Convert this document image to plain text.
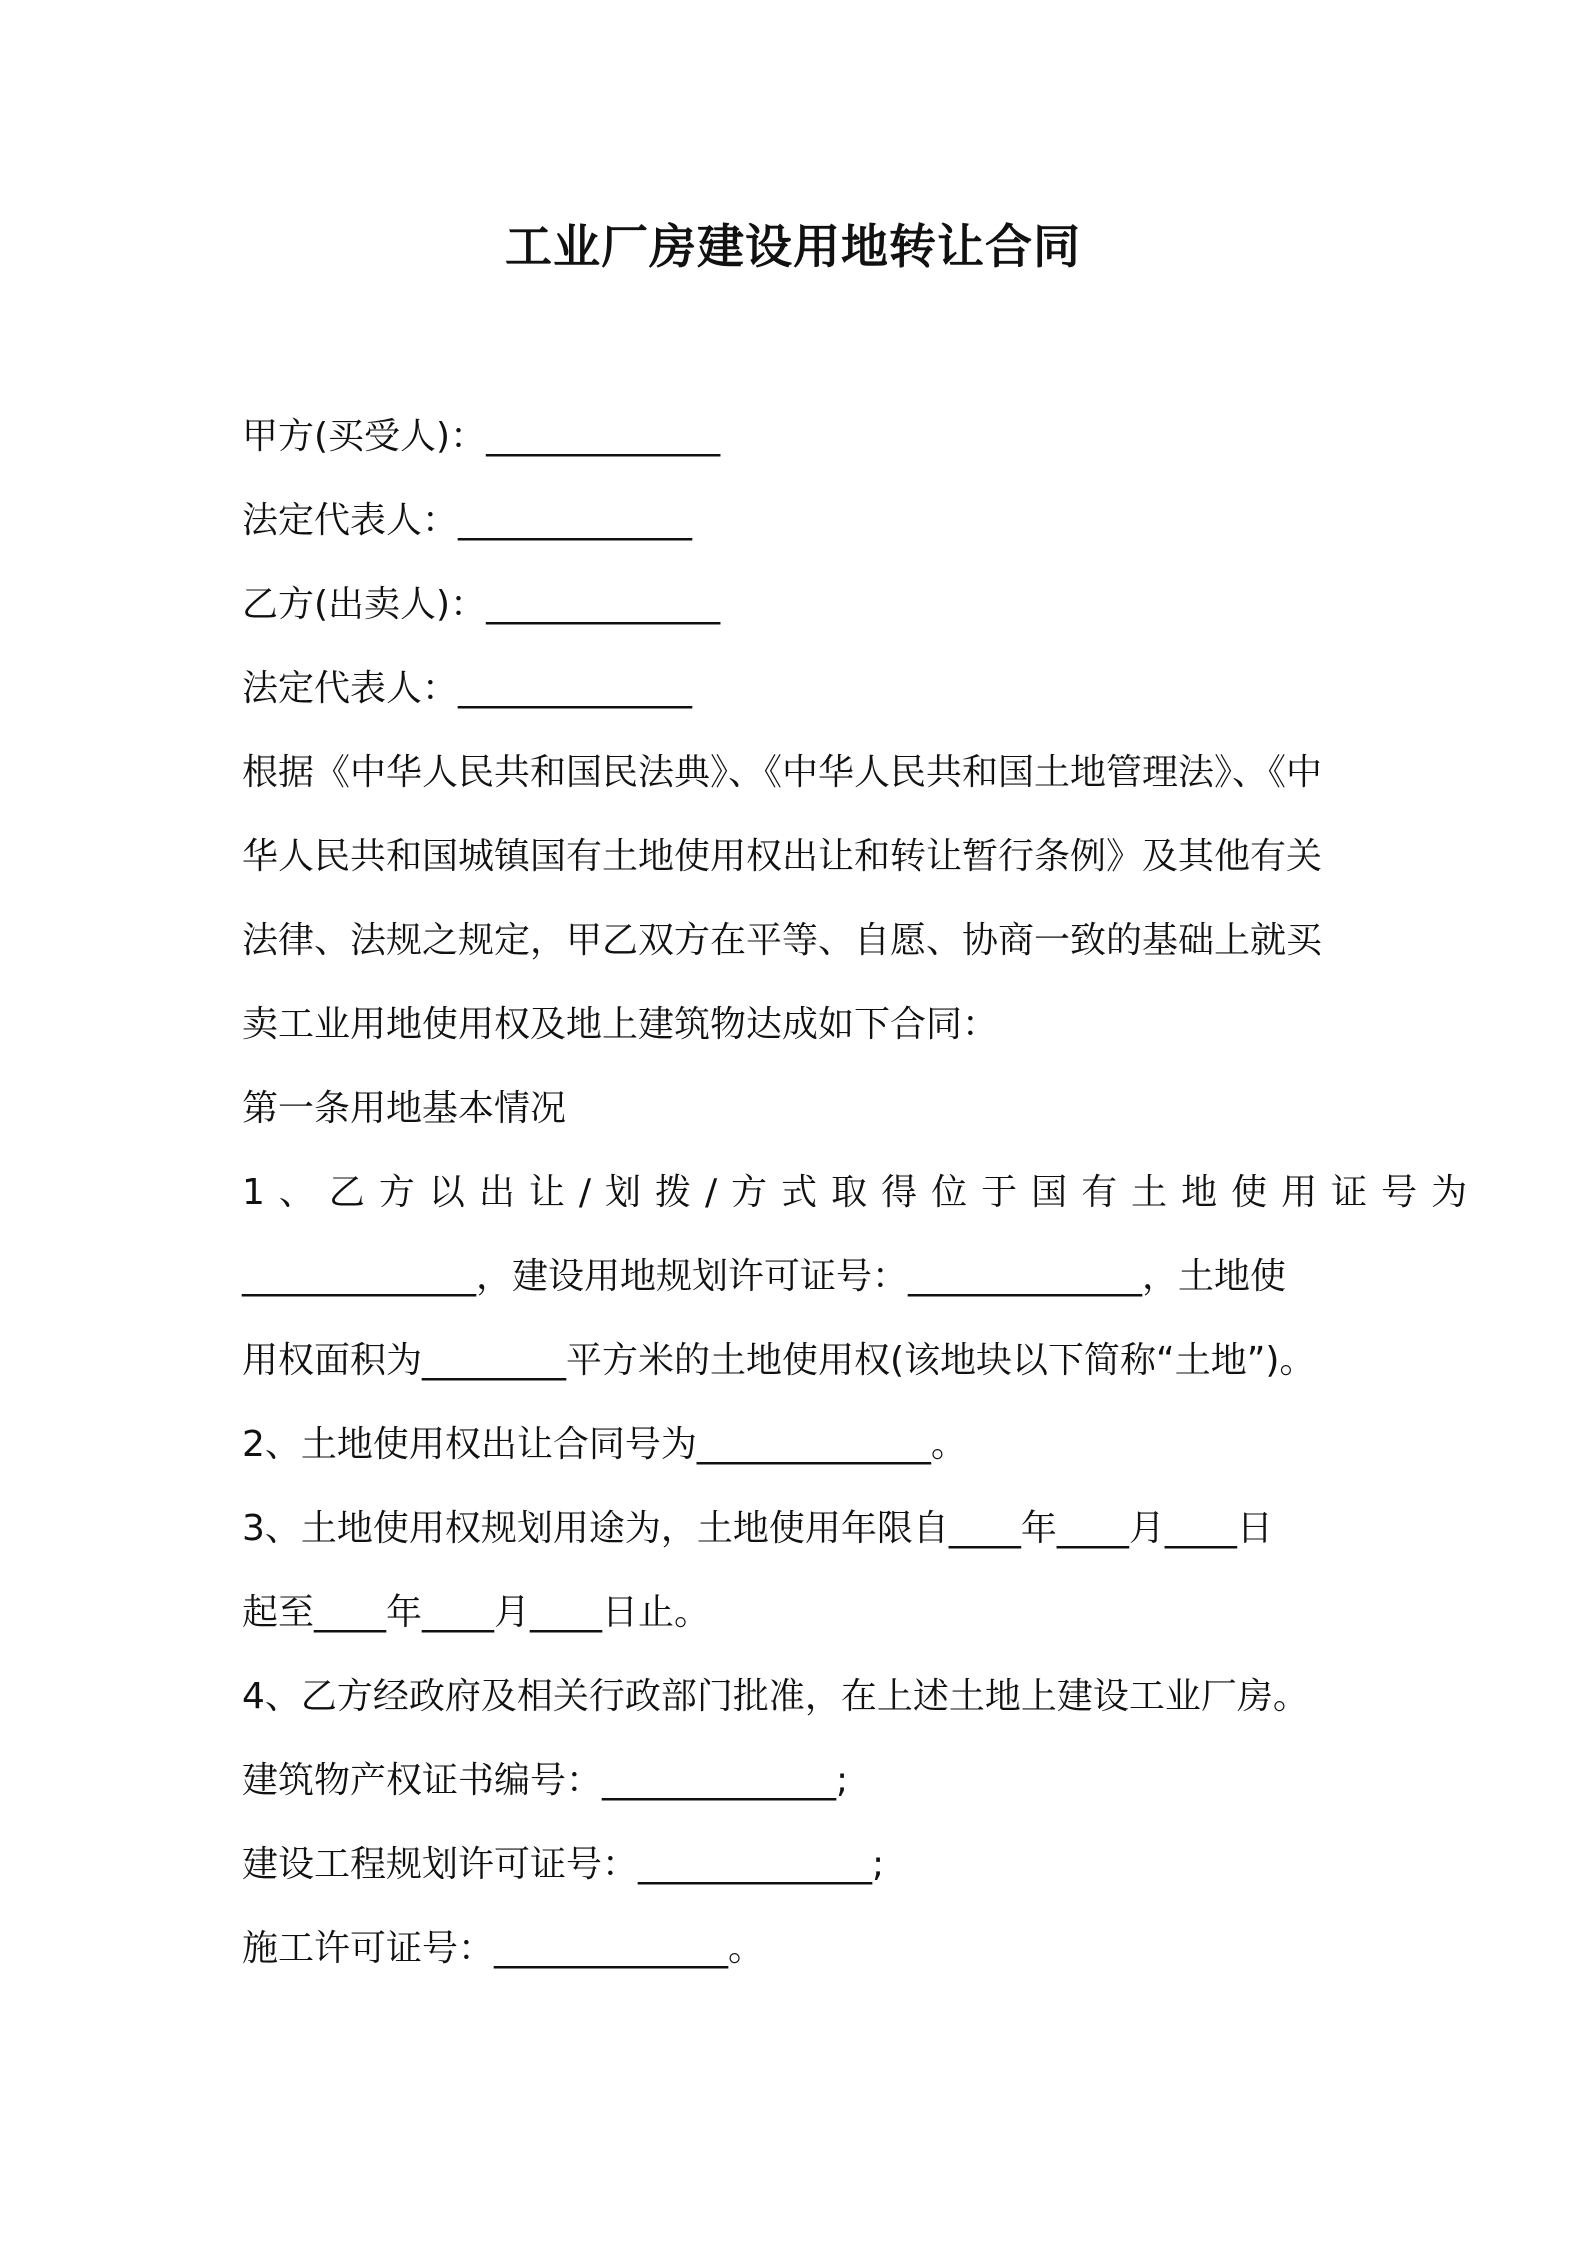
工业厂房建设用地转让合同
甲方(买受人)：_____________
法定代表人：_____________
乙方(出卖人)：_____________
法定代表人：_____________
根据《中华人民共和国民法典》、《中华人民共和国土地管理法》、《中
华人民共和国城镇国有土地使用权出让和转让暂行条例》及其他有关
法律、法规之规定，甲乙双方在平等、自愿、协商一致的基础上就买
卖工业用地使用权及地上建筑物达成如下合同：
第一条用地基本情况
1、乙方以出让/划拨/方式取得位于国有土地使用证号为
_____________，建设用地规划许可证号：_____________，土地使
用权面积为________平方米的土地使用权(该地块以下简称“土地”)。
2、土地使用权出让合同号为_____________。
3、土地使用权规划用途为，土地使用年限自____年____月____日
起至____年____月____日止。
4、乙方经政府及相关行政部门批准，在上述土地上建设工业厂房。
建筑物产权证书编号：_____________;
建设工程规划许可证号：_____________;
施工许可证号：_____________。
